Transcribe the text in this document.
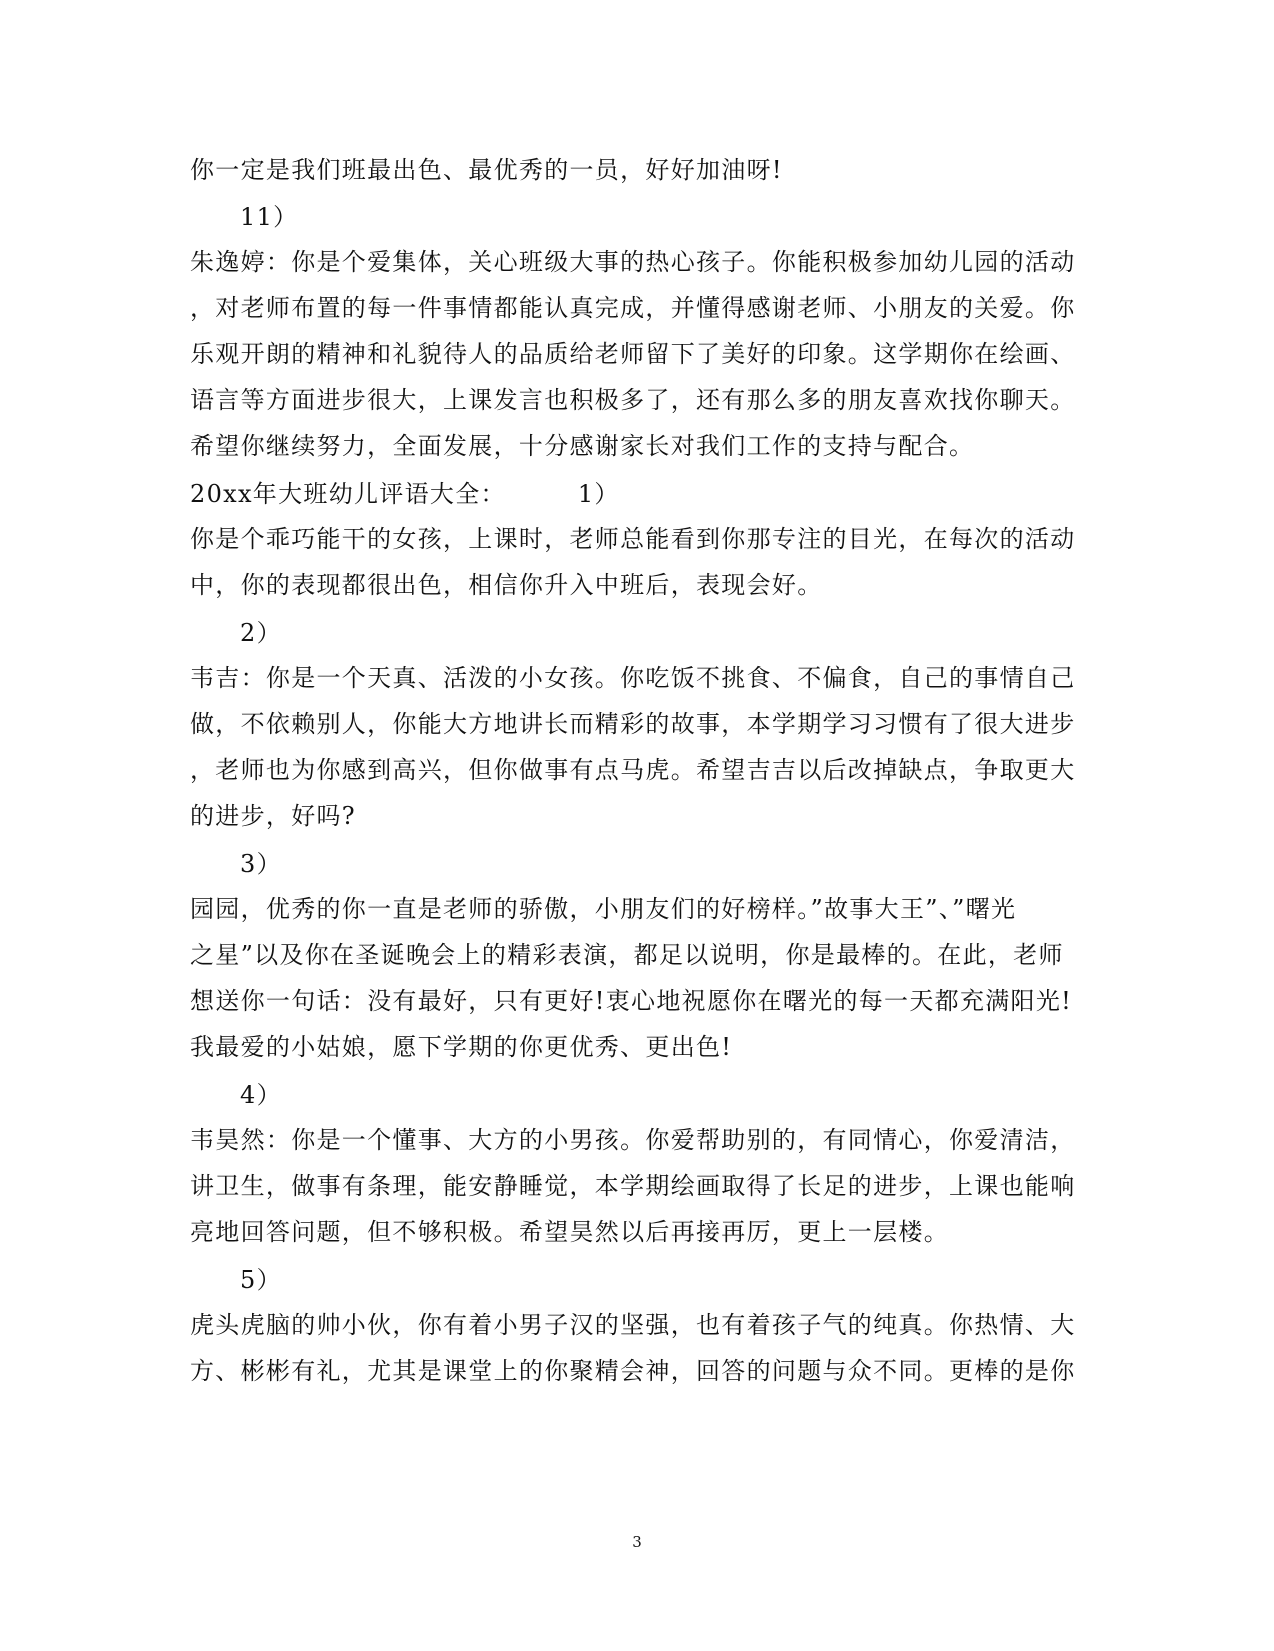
你一定是我们班最出色、最优秀的一员，好好加油呀!
11）
朱逸婷：你是个爱集体，关心班级大事的热心孩子。你能积极参加幼儿园的活动
，对老师布置的每一件事情都能认真完成，并懂得感谢老师、小朋友的关爱。你
乐观开朗的精神和礼貌待人的品质给老师留下了美好的印象。这学期你在绘画、
语言等方面进步很大，上课发言也积极多了，还有那么多的朋友喜欢找你聊天。
希望你继续努力，全面发展，十分感谢家长对我们工作的支持与配合。
20xx年大班幼儿评语大全：	1）
你是个乖巧能干的女孩，上课时，老师总能看到你那专注的目光，在每次的活动
中，你的表现都很出色，相信你升入中班后，表现会好。
2）
韦吉：你是一个天真、活泼的小女孩。你吃饭不挑食、不偏食，自己的事情自己
做，不依赖别人，你能大方地讲长而精彩的故事，本学期学习习惯有了很大进步
，老师也为你感到高兴，但你做事有点马虎。希望吉吉以后改掉缺点，争取更大
的进步，好吗?
3）
园园，优秀的你一直是老师的骄傲，小朋友们的好榜样。”故事大王”、”曙光
之星”以及你在圣诞晚会上的精彩表演，都足以说明，你是最棒的。在此，老师
想送你一句话：没有最好，只有更好!衷心地祝愿你在曙光的每一天都充满阳光!
我最爱的小姑娘，愿下学期的你更优秀、更出色!
4）
韦昊然：你是一个懂事、大方的小男孩。你爱帮助别的，有同情心，你爱清洁，
讲卫生，做事有条理，能安静睡觉，本学期绘画取得了长足的进步，上课也能响
亮地回答问题，但不够积极。希望昊然以后再接再厉，更上一层楼。
5）
虎头虎脑的帅小伙，你有着小男子汉的坚强，也有着孩子气的纯真。你热情、大
方、彬彬有礼，尤其是课堂上的你聚精会神，回答的问题与众不同。更棒的是你
3
